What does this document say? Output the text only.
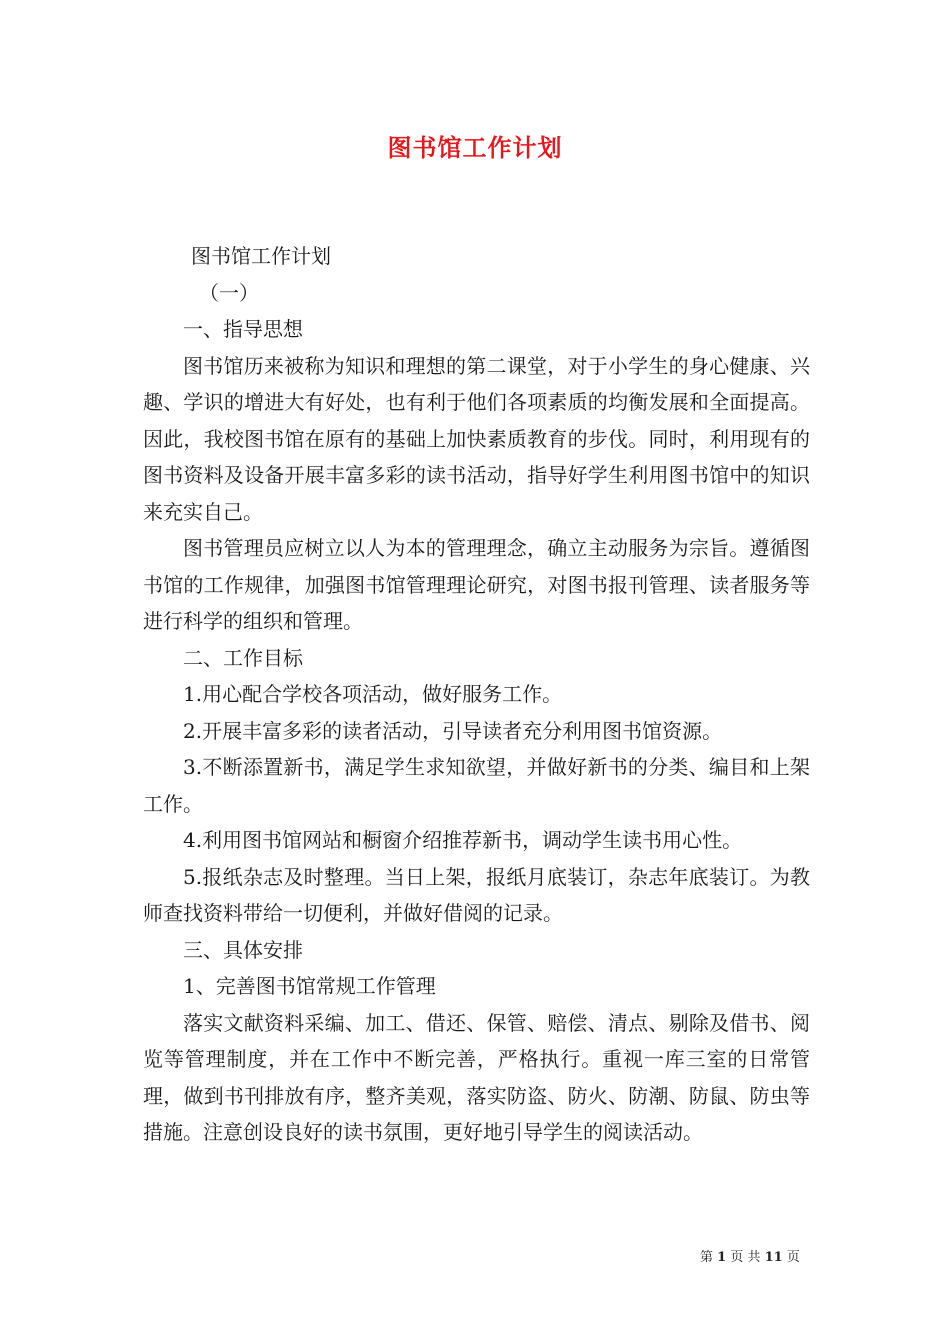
图书馆工作计划

图书馆工作计划

（一）

一、指导思想

图书馆历来被称为知识和理想的第二课堂，对于小学生的身心健康、兴趣、学识的增进大有好处，也有利于他们各项素质的均衡发展和全面提高。因此，我校图书馆在原有的基础上加快素质教育的步伐。同时，利用现有的图书资料及设备开展丰富多彩的读书活动，指导好学生利用图书馆中的知识来充实自己。

图书管理员应树立以人为本的管理理念，确立主动服务为宗旨。遵循图书馆的工作规律，加强图书馆管理理论研究，对图书报刊管理、读者服务等进行科学的组织和管理。

二、工作目标

1.用心配合学校各项活动，做好服务工作。

2.开展丰富多彩的读者活动，引导读者充分利用图书馆资源。

3.不断添置新书，满足学生求知欲望，并做好新书的分类、编目和上架工作。

4.利用图书馆网站和橱窗介绍推荐新书，调动学生读书用心性。

5.报纸杂志及时整理。当日上架，报纸月底装订，杂志年底装订。为教师查找资料带给一切便利，并做好借阅的记录。

三、具体安排

1、完善图书馆常规工作管理

落实文献资料采编、加工、借还、保管、赔偿、清点、剔除及借书、阅览等管理制度，并在工作中不断完善，严格执行。重视一库三室的日常管理，做到书刊排放有序，整齐美观，落实防盗、防火、防潮、防鼠、防虫等措施。注意创设良好的读书氛围，更好地引导学生的阅读活动。

第 1 页 共 11 页
